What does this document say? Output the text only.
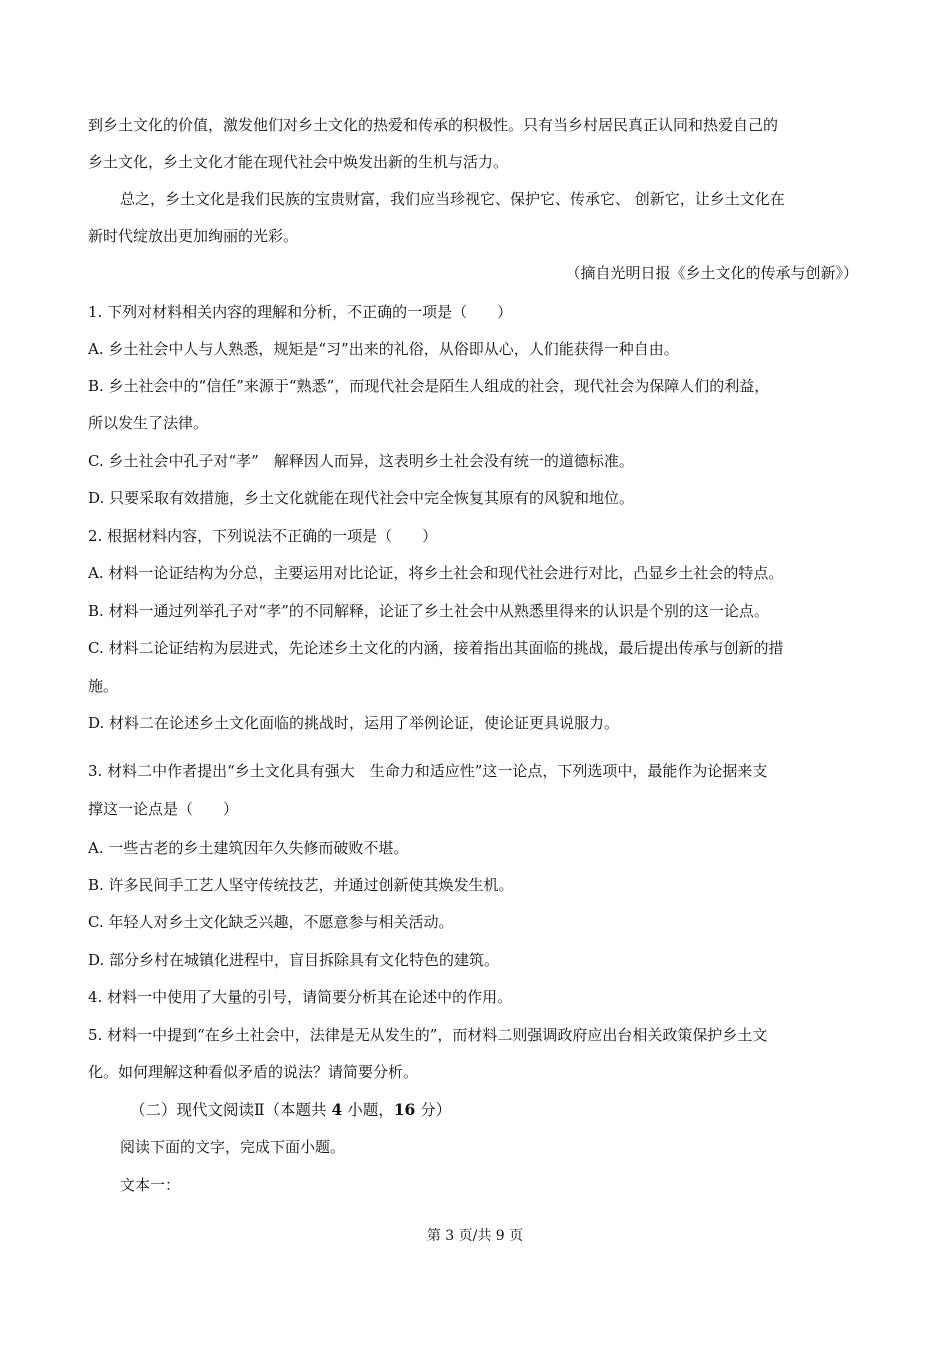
到乡土文化的价值，激发他们对乡土文化的热爱和传承的积极性。只有当乡村居民真正认同和热爱自己的
乡土文化，乡土文化才能在现代社会中焕发出新的生机与活力。
总之，乡土文化是我们民族的宝贵财富，我们应当珍视它、保护它、传承它、 创新它，让乡土文化在
新时代绽放出更加绚丽的光彩。
（摘自光明日报《乡土文化的传承与创新》）
1. 下列对材料相关内容的理解和分析，不正确的一项是（　　）
A. 乡土社会中人与人熟悉，规矩是“习”出来的礼俗，从俗即从心，人们能获得一种自由。
B. 乡土社会中的“信任”来源于“熟悉”，而现代社会是陌生人组成的社会，现代社会为保障人们的利益，
所以发生了法律。
C. 乡土社会中孔子对“孝”　解释因人而异，这表明乡土社会没有统一的道德标准。
D. 只要采取有效措施，乡土文化就能在现代社会中完全恢复其原有的风貌和地位。
2. 根据材料内容，下列说法不正确的一项是（　　）
A. 材料一论证结构为分总，主要运用对比论证，将乡土社会和现代社会进行对比，凸显乡土社会的特点。
B. 材料一通过列举孔子对“孝”的不同解释，论证了乡土社会中从熟悉里得来的认识是个别的这一论点。
C. 材料二论证结构为层进式，先论述乡土文化的内涵，接着指出其面临的挑战，最后提出传承与创新的措
施。
D. 材料二在论述乡土文化面临的挑战时，运用了举例论证，使论证更具说服力。
3. 材料二中作者提出“乡土文化具有强大　生命力和适应性”这一论点，下列选项中，最能作为论据来支
撑这一论点是（　　）
A. 一些古老的乡土建筑因年久失修而破败不堪。
B. 许多民间手工艺人坚守传统技艺，并通过创新使其焕发生机。
C. 年轻人对乡土文化缺乏兴趣，不愿意参与相关活动。
D. 部分乡村在城镇化进程中，盲目拆除具有文化特色的建筑。
4. 材料一中使用了大量的引号，请简要分析其在论述中的作用。
5. 材料一中提到“在乡土社会中，法律是无从发生的”，而材料二则强调政府应出台相关政策保护乡土文
化。如何理解这种看似矛盾的说法？请简要分析。
（二）现代文阅读Ⅱ（本题共 4 小题，16 分）
阅读下面的文字，完成下面小题。
文本一：
第 3 页/共 9 页
